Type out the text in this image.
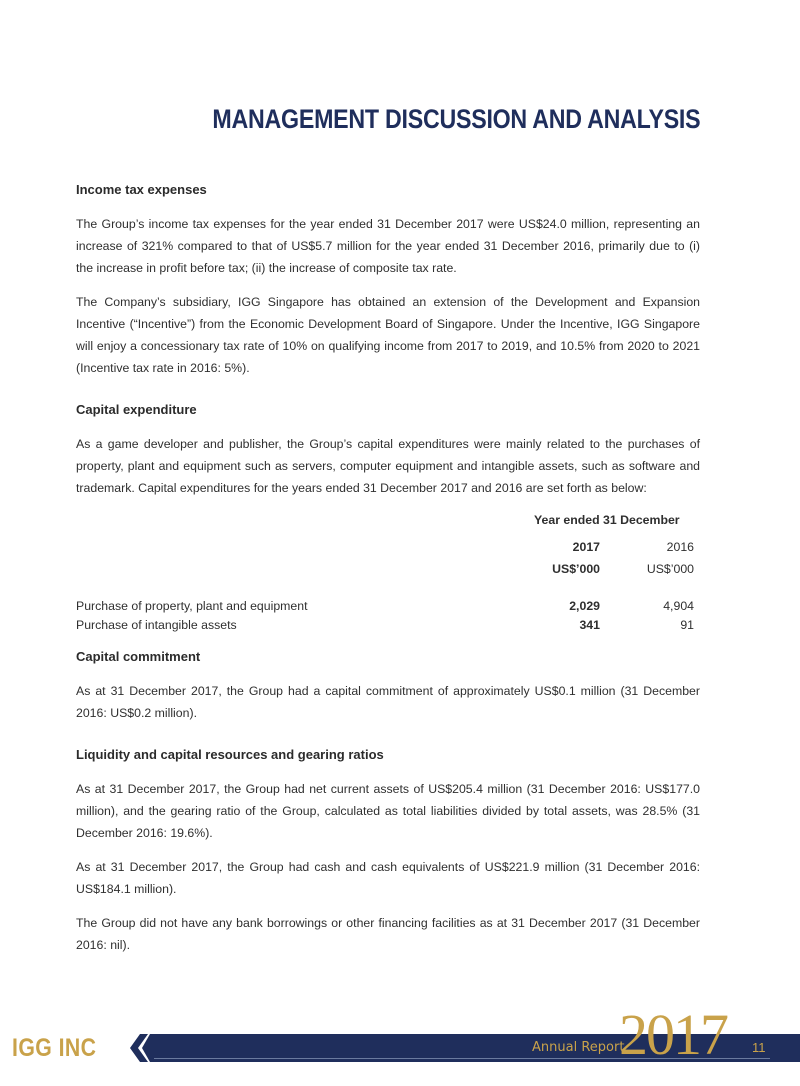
MANAGEMENT DISCUSSION AND ANALYSIS
Income tax expenses

The Group’s income tax expenses for the year ended 31 December 2017 were US$24.0 million, representing an increase of 321% compared to that of US$5.7 million for the year ended 31 December 2016, primarily due to (i) the increase in profit before tax; (ii) the increase of composite tax rate.

The Company’s subsidiary, IGG Singapore has obtained an extension of the Development and Expansion Incentive (“Incentive”) from the Economic Development Board of Singapore. Under the Incentive, IGG Singapore will enjoy a concessionary tax rate of 10% on qualifying income from 2017 to 2019, and 10.5% from 2020 to 2021 (Incentive tax rate in 2016: 5%).

Capital expenditure

As a game developer and publisher, the Group’s capital expenditures were mainly related to the purchases of property, plant and equipment such as servers, computer equipment and intangible assets, such as software and trademark. Capital expenditures for the years ended 31 December 2017 and 2016 are set forth as below:

Year ended 31 December
2017	2016
US$’000	US$’000
Purchase of property, plant and equipment	2,029	4,904
Purchase of intangible assets	341	91
Capital commitment

As at 31 December 2017, the Group had a capital commitment of approximately US$0.1 million (31 December 2016: US$0.2 million).

Liquidity and capital resources and gearing ratios

As at 31 December 2017, the Group had net current assets of US$205.4 million (31 December 2016: US$177.0 million), and the gearing ratio of the Group, calculated as total liabilities divided by total assets, was 28.5% (31 December 2016: 19.6%).

As at 31 December 2017, the Group had cash and cash equivalents of US$221.9 million (31 December 2016: US$184.1 million).

The Group did not have any bank borrowings or other financing facilities as at 31 December 2017 (31 December 2016: nil).

IGG INC	Annual Report
2017 11
